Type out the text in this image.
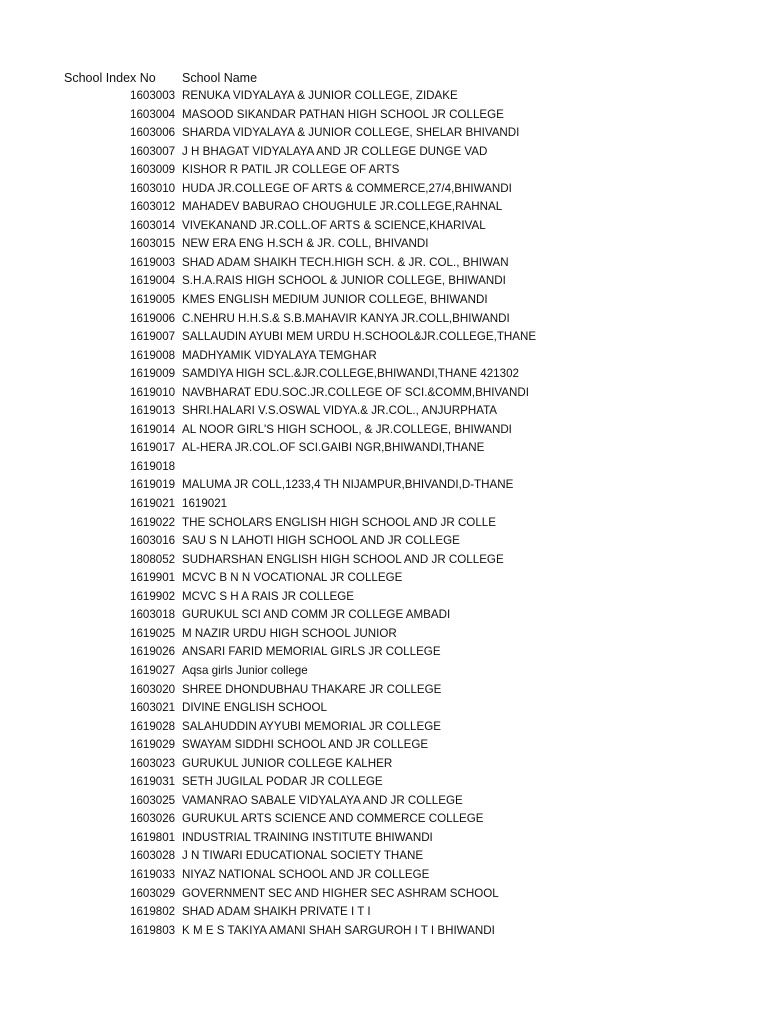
School Index No School Name
1603003 RENUKA VIDYALAYA & JUNIOR COLLEGE, ZIDAKE
1603004 MASOOD SIKANDAR PATHAN HIGH SCHOOL JR COLLEGE
1603006 SHARDA VIDYALAYA & JUNIOR COLLEGE, SHELAR BHIVANDI
1603007 J H BHAGAT VIDYALAYA AND JR COLLEGE DUNGE VAD
1603009 KISHOR R PATIL JR COLLEGE OF ARTS
1603010 HUDA JR.COLLEGE OF ARTS & COMMERCE,27/4,BHIWANDI
1603012 MAHADEV BABURAO CHOUGHULE JR.COLLEGE,RAHNAL
1603014 VIVEKANAND JR.COLL.OF ARTS & SCIENCE,KHARIVAL
1603015 NEW ERA ENG H.SCH & JR. COLL, BHIVANDI
1619003 SHAD ADAM SHAIKH TECH.HIGH SCH. & JR. COL., BHIWAN
1619004 S.H.A.RAIS HIGH SCHOOL & JUNIOR COLLEGE, BHIWANDI
1619005 KMES ENGLISH MEDIUM JUNIOR COLLEGE, BHIWANDI
1619006 C.NEHRU H.H.S.& S.B.MAHAVIR KANYA JR.COLL,BHIWANDI
1619007 SALLAUDIN AYUBI MEM URDU H.SCHOOL&JR.COLLEGE,THANE
1619008 MADHYAMIK VIDYALAYA TEMGHAR
1619009 SAMDIYA HIGH SCL.&JR.COLLEGE,BHIWANDI,THANE 421302
1619010 NAVBHARAT EDU.SOC.JR.COLLEGE OF SCI.&COMM,BHIVANDI
1619013 SHRI.HALARI V.S.OSWAL VIDYA.& JR.COL., ANJURPHATA
1619014 AL NOOR GIRL'S HIGH SCHOOL, & JR.COLLEGE, BHIWANDI
1619017 AL-HERA JR.COL.OF SCI.GAIBI NGR,BHIWANDI,THANE
1619018
1619019 MALUMA JR COLL,1233,4 TH NIJAMPUR,BHIVANDI,D-THANE
1619021 1619021
1619022 THE SCHOLARS ENGLISH HIGH SCHOOL AND JR COLLE
1603016 SAU S N LAHOTI HIGH SCHOOL AND JR COLLEGE
1808052 SUDHARSHAN ENGLISH HIGH SCHOOL AND JR COLLEGE
1619901 MCVC B N N VOCATIONAL JR COLLEGE
1619902 MCVC S H A RAIS JR COLLEGE
1603018 GURUKUL SCI AND COMM JR COLLEGE AMBADI
1619025 M NAZIR URDU HIGH SCHOOL JUNIOR
1619026 ANSARI FARID MEMORIAL GIRLS JR COLLEGE
1619027 Aqsa girls Junior college
1603020 SHREE DHONDUBHAU THAKARE JR COLLEGE
1603021 DIVINE ENGLISH SCHOOL
1619028 SALAHUDDIN AYYUBI MEMORIAL JR COLLEGE
1619029 SWAYAM SIDDHI SCHOOL AND JR COLLEGE
1603023 GURUKUL JUNIOR COLLEGE KALHER
1619031 SETH JUGILAL PODAR JR COLLEGE
1603025 VAMANRAO SABALE VIDYALAYA AND JR COLLEGE
1603026 GURUKUL ARTS SCIENCE AND COMMERCE COLLEGE
1619801 INDUSTRIAL TRAINING INSTITUTE BHIWANDI
1603028 J N TIWARI EDUCATIONAL SOCIETY THANE
1619033 NIYAZ NATIONAL SCHOOL AND JR COLLEGE
1603029 GOVERNMENT SEC AND HIGHER SEC ASHRAM SCHOOL
1619802 SHAD ADAM SHAIKH PRIVATE I T I
1619803 K M E S TAKIYA AMANI SHAH SARGUROH I T I BHIWANDI
